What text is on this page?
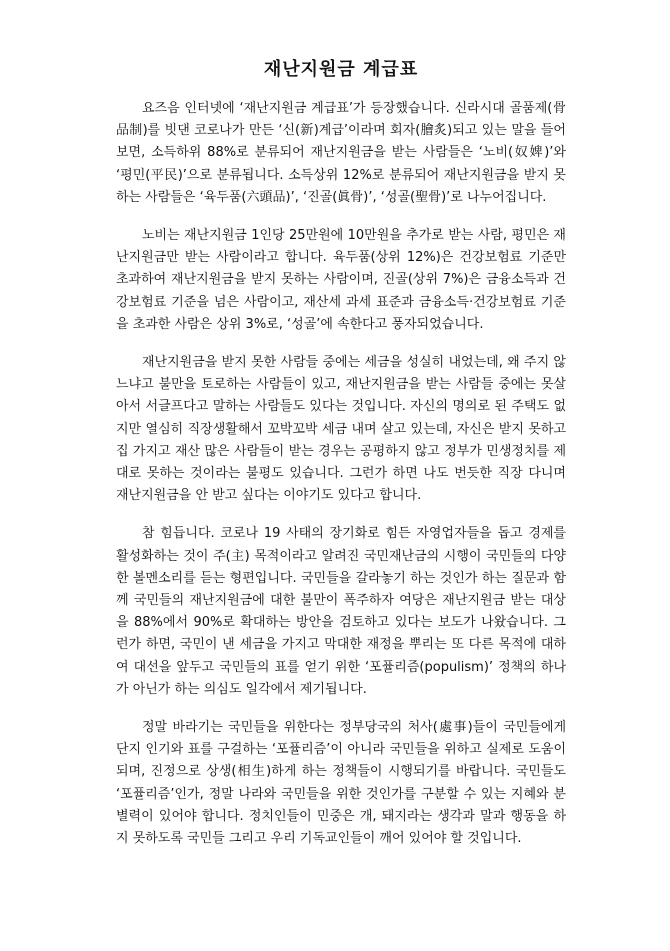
재난지원금 계급표

요즈음 인터넷에 ‘재난지원금 계급표’가 등장했습니다. 신라시대 골품제(骨品制)를 빗댄 코로나가 만든 ‘신(新)계급’이라며 회자(膾炙)되고 있는 말을 들어보면, 소득하위 88%로 분류되어 재난지원금을 받는 사람들은 ‘노비(奴婢)’와 ‘평민(平民)’으로 분류됩니다. 소득상위 12%로 분류되어 재난지원금을 받지 못하는 사람들은 ‘육두품(六頭品)’, ‘진골(眞骨)’, ‘성골(聖骨)’로 나누어집니다.

노비는 재난지원금 1인당 25만원에 10만원을 추가로 받는 사람, 평민은 재난지원금만 받는 사람이라고 합니다. 육두품(상위 12%)은 건강보험료 기준만 초과하여 재난지원금을 받지 못하는 사람이며, 진골(상위 7%)은 금융소득과 건강보험료 기준을 넘은 사람이고, 재산세 과세 표준과 금융소득·건강보험료 기준을 초과한 사람은 상위 3%로, ‘성골’에 속한다고 풍자되었습니다.

재난지원금을 받지 못한 사람들 중에는 세금을 성실히 내었는데, 왜 주지 않느냐고 불만을 토로하는 사람들이 있고, 재난지원금을 받는 사람들 중에는 못살아서 서글프다고 말하는 사람들도 있다는 것입니다. 자신의 명의로 된 주택도 없지만 열심히 직장생활해서 꼬박꼬박 세금 내며 살고 있는데, 자신은 받지 못하고 집 가지고 재산 많은 사람들이 받는 경우는 공평하지 않고 정부가 민생정치를 제대로 못하는 것이라는 불평도 있습니다. 그런가 하면 나도 번듯한 직장 다니며 재난지원금을 안 받고 싶다는 이야기도 있다고 합니다.

참 힘듭니다. 코로나 19 사태의 장기화로 힘든 자영업자들을 돕고 경제를 활성화하는 것이 주(主) 목적이라고 알려진 국민재난금의 시행이 국민들의 다양한 볼멘소리를 듣는 형편입니다. 국민들을 갈라놓기 하는 것인가 하는 질문과 함께 국민들의 재난지원금에 대한 불만이 폭주하자 여당은 재난지원금 받는 대상을 88%에서 90%로 확대하는 방안을 검토하고 있다는 보도가 나왔습니다. 그런가 하면, 국민이 낸 세금을 가지고 막대한 재정을 뿌리는 또 다른 목적에 대하여 대선을 앞두고 국민들의 표를 얻기 위한 ‘포퓰리즘(populism)’ 정책의 하나가 아닌가 하는 의심도 일각에서 제기됩니다.

정말 바라기는 국민들을 위한다는 정부당국의 처사(處事)들이 국민들에게 단지 인기와 표를 구걸하는 ‘포퓰리즘’이 아니라 국민들을 위하고 실제로 도움이 되며, 진정으로 상생(相生)하게 하는 정책들이 시행되기를 바랍니다. 국민들도 ‘포퓰리즘’인가, 정말 나라와 국민들을 위한 것인가를 구분할 수 있는 지혜와 분별력이 있어야 합니다. 정치인들이 민중은 개, 돼지라는 생각과 말과 행동을 하지 못하도록 국민들 그리고 우리 기독교인들이 깨어 있어야 할 것입니다.
